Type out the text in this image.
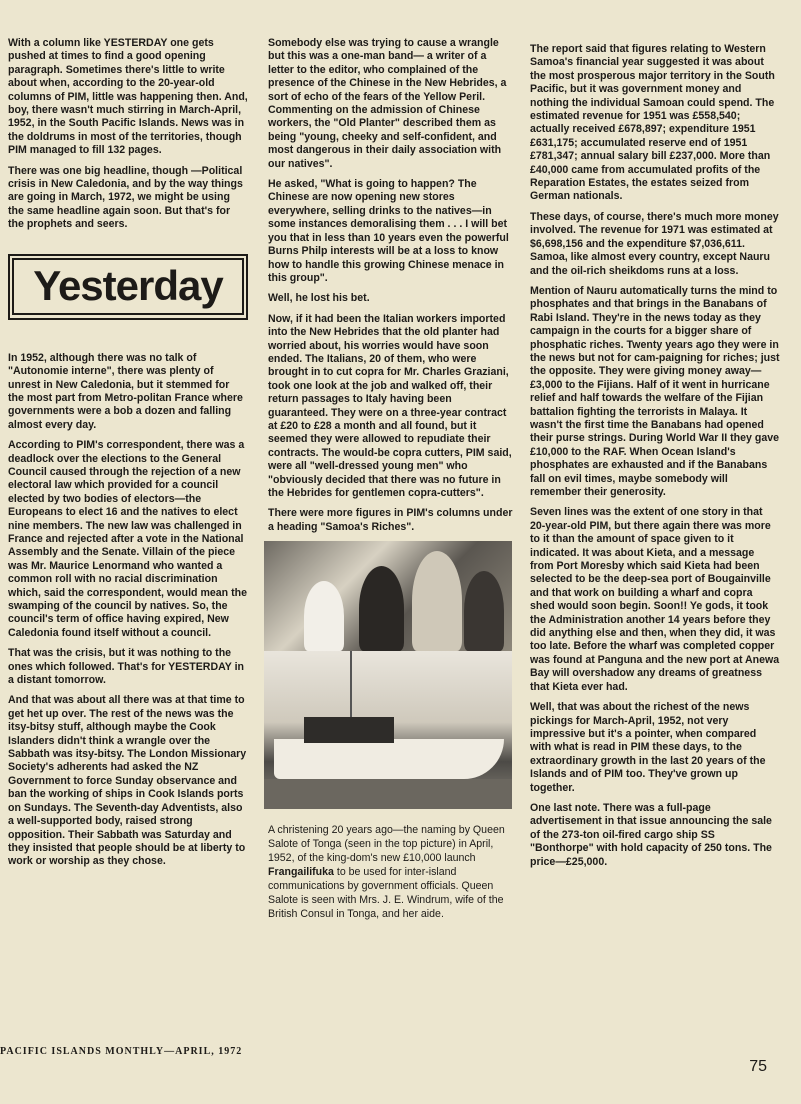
With a column like YESTERDAY one gets pushed at times to find a good opening paragraph. Sometimes there's little to write about when, according to the 20-year-old columns of PIM, little was happening then. And, boy, there wasn't much stirring in March-April, 1952, in the South Pacific Islands. News was in the doldrums in most of the territories, though PIM managed to fill 132 pages.

There was one big headline, though —Political crisis in New Caledonia, and by the way things are going in March, 1972, we might be using the same headline again soon. But that's for the prophets and seers.

Yesterday

In 1952, although there was no talk of "Autonomie interne", there was plenty of unrest in New Caledonia, but it stemmed for the most part from Metro-politan France where governments were a bob a dozen and falling almost every day.

According to PIM's correspondent, there was a deadlock over the elections to the General Council caused through the rejection of a new electoral law which provided for a council elected by two bodies of electors—the Europeans to elect 16 and the natives to elect nine members. The new law was challenged in France and rejected after a vote in the National Assembly and the Senate. Villain of the piece was Mr. Maurice Lenormand who wanted a common roll with no racial discrimination which, said the correspondent, would mean the swamping of the council by natives. So, the council's term of office having expired, New Caledonia found itself without a council.

That was the crisis, but it was nothing to the ones which followed. That's for YESTERDAY in a distant tomorrow.

And that was about all there was at that time to get het up over. The rest of the news was the itsy-bitsy stuff, although maybe the Cook Islanders didn't think a wrangle over the Sabbath was itsy-bitsy. The London Missionary Society's adherents had asked the NZ Government to force Sunday observance and ban the working of ships in Cook Islands ports on Sundays. The Seventh-day Adventists, also a well-supported body, raised strong opposition. Their Sabbath was Saturday and they insisted that people should be at liberty to work or worship as they chose.

Somebody else was trying to cause a wrangle but this was a one-man band— a writer of a letter to the editor, who complained of the presence of the Chinese in the New Hebrides, a sort of echo of the fears of the Yellow Peril. Commenting on the admission of Chinese workers, the "Old Planter" described them as being "young, cheeky and self-confident, and most dangerous in their daily association with our natives".

He asked, "What is going to happen? The Chinese are now opening new stores everywhere, selling drinks to the natives—in some instances demoralising them . . . I will bet you that in less than 10 years even the powerful Burns Philp interests will be at a loss to know how to handle this growing Chinese menace in this group".

Well, he lost his bet.

Now, if it had been the Italian workers imported into the New Hebrides that the old planter had worried about, his worries would have soon ended. The Italians, 20 of them, who were brought in to cut copra for Mr. Charles Graziani, took one look at the job and walked off, their return passages to Italy having been guaranteed. They were on a three-year contract at £20 to £28 a month and all found, but it seemed they were allowed to repudiate their contracts. The would-be copra cutters, PIM said, were all "well-dressed young men" who "obviously decided that there was no future in the Hebrides for gentlemen copra-cutters".

There were more figures in PIM's columns under a heading "Samoa's Riches".

A christening 20 years ago—the naming by Queen Salote of Tonga (seen in the top picture) in April, 1952, of the king-dom's new £10,000 launch Frangailifuka to be used for inter-island communications by government officials. Queen Salote is seen with Mrs. J. E. Windrum, wife of the British Consul in Tonga, and her aide.

The report said that figures relating to Western Samoa's financial year suggested it was about the most prosperous major territory in the South Pacific, but it was government money and nothing the individual Samoan could spend. The estimated revenue for 1951 was £558,540; actually received £678,897; expenditure 1951 £631,175; accumulated reserve end of 1951 £781,347; annual salary bill £237,000. More than £40,000 came from accumulated profits of the Reparation Estates, the estates seized from German nationals.

These days, of course, there's much more money involved. The revenue for 1971 was estimated at $6,698,156 and the expenditure $7,036,611. Samoa, like almost every country, except Nauru and the oil-rich sheikdoms runs at a loss.

Mention of Nauru automatically turns the mind to phosphates and that brings in the Banabans of Rabi Island. They're in the news today as they campaign in the courts for a bigger share of phosphatic riches. Twenty years ago they were in the news but not for cam-paigning for riches; just the opposite. They were giving money away—£3,000 to the Fijians. Half of it went in hurricane relief and half towards the welfare of the Fijian battalion fighting the terrorists in Malaya. It wasn't the first time the Banabans had opened their purse strings. During World War II they gave £10,000 to the RAF. When Ocean Island's phosphates are exhausted and if the Banabans fall on evil times, maybe somebody will remember their generosity.

Seven lines was the extent of one story in that 20-year-old PIM, but there again there was more to it than the amount of space given to it indicated. It was about Kieta, and a message from Port Moresby which said Kieta had been selected to be the deep-sea port of Bougainville and that work on building a wharf and copra shed would soon begin. Soon!! Ye gods, it took the Administration another 14 years before they did anything else and then, when they did, it was too late. Before the wharf was completed copper was found at Panguna and the new port at Anewa Bay will overshadow any dreams of greatness that Kieta ever had.

Well, that was about the richest of the news pickings for March-April, 1952, not very impressive but it's a pointer, when compared with what is read in PIM these days, to the extraordinary growth in the last 20 years of the Islands and of PIM too. They've grown up together.

One last note. There was a full-page advertisement in that issue announcing the sale of the 273-ton oil-fired cargo ship SS "Bonthorpe" with hold capacity of 250 tons. The price—£25,000.

PACIFIC ISLANDS MONTHLY—APRIL, 1972
75
